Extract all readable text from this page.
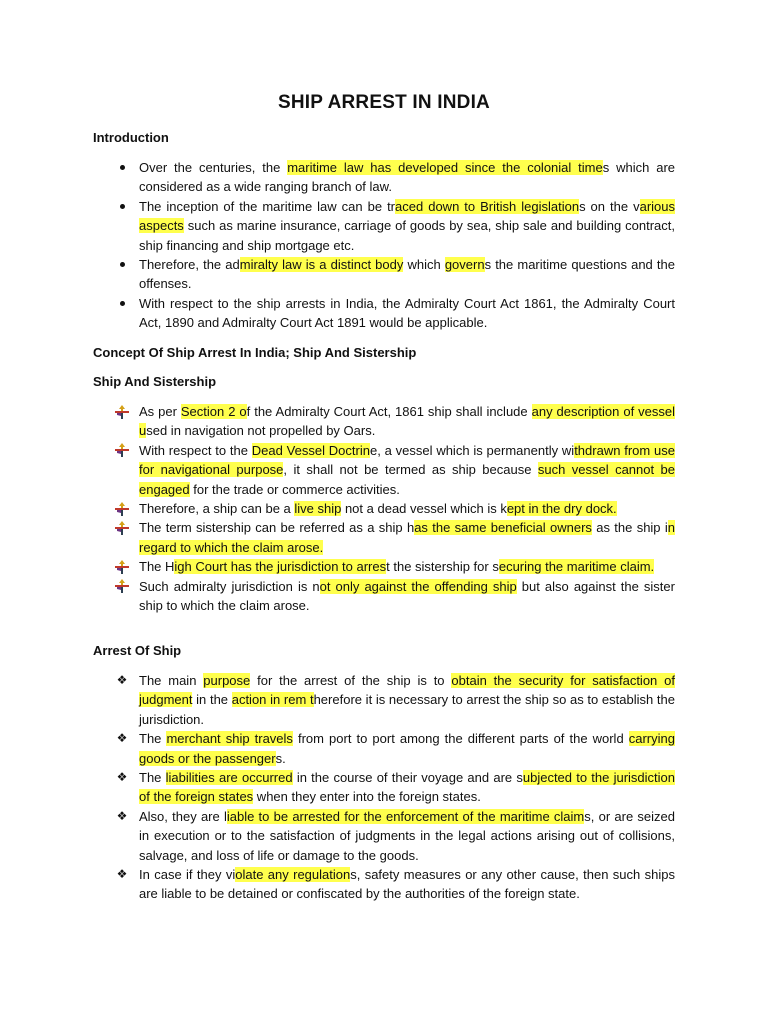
SHIP ARREST IN INDIA
Introduction
Over the centuries, the maritime law has developed since the colonial times which are considered as a wide ranging branch of law.
The inception of the maritime law can be traced down to British legislations on the various aspects such as marine insurance, carriage of goods by sea, ship sale and building contract, ship financing and ship mortgage etc.
Therefore, the admiralty law is a distinct body which governs the maritime questions and the offenses.
With respect to the ship arrests in India, the Admiralty Court Act 1861, the Admiralty Court Act, 1890 and Admiralty Court Act 1891 would be applicable.
Concept Of Ship Arrest In India; Ship And Sistership
Ship And Sistership
As per Section 2 of the Admiralty Court Act, 1861 ship shall include any description of vessel used in navigation not propelled by Oars.
With respect to the Dead Vessel Doctrine, a vessel which is permanently withdrawn from use for navigational purpose, it shall not be termed as ship because such vessel cannot be engaged for the trade or commerce activities.
Therefore, a ship can be a live ship not a dead vessel which is kept in the dry dock.
The term sistership can be referred as a ship has the same beneficial owners as the ship in regard to which the claim arose.
The High Court has the jurisdiction to arrest the sistership for securing the maritime claim.
Such admiralty jurisdiction is not only against the offending ship but also against the sister ship to which the claim arose.
Arrest Of Ship
❖ The main purpose for the arrest of the ship is to obtain the security for satisfaction of judgment in the action in rem therefore it is necessary to arrest the ship so as to establish the jurisdiction.
❖ The merchant ship travels from port to port among the different parts of the world carrying goods or the passengers.
❖ The liabilities are occurred in the course of their voyage and are subjected to the jurisdiction of the foreign states when they enter into the foreign states.
❖ Also, they are liable to be arrested for the enforcement of the maritime claims, or are seized in execution or to the satisfaction of judgments in the legal actions arising out of collisions, salvage, and loss of life or damage to the goods.
❖ In case if they violate any regulations, safety measures or any other cause, then such ships are liable to be detained or confiscated by the authorities of the foreign state.
